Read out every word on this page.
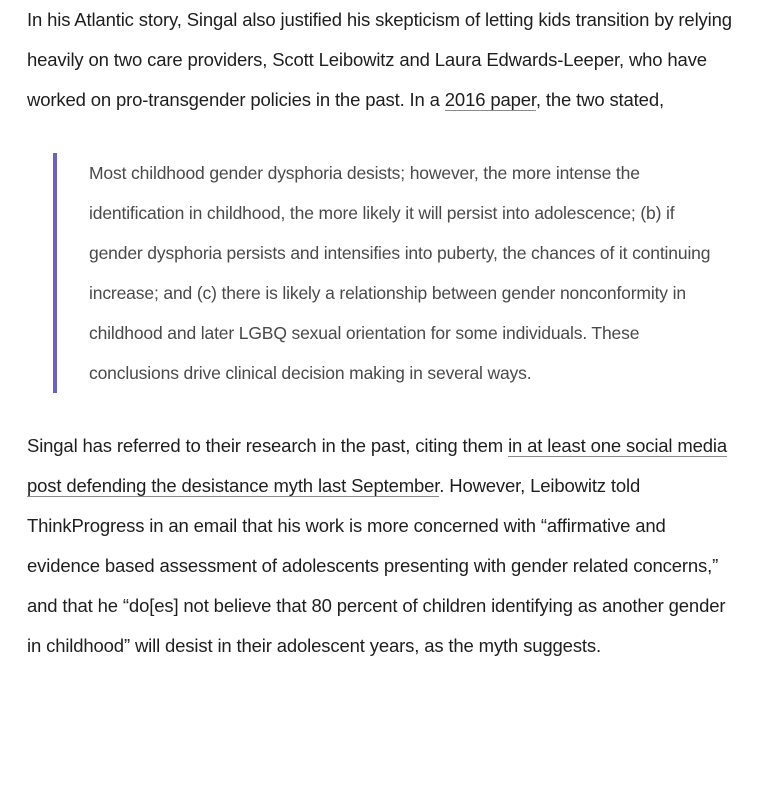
In his Atlantic story, Singal also justified his skepticism of letting kids transition by relying heavily on two care providers, Scott Leibowitz and Laura Edwards-Leeper, who have worked on pro-transgender policies in the past. In a 2016 paper, the two stated,

Most childhood gender dysphoria desists; however, the more intense the identification in childhood, the more likely it will persist into adolescence; (b) if gender dysphoria persists and intensifies into puberty, the chances of it continuing increase; and (c) there is likely a relationship between gender nonconformity in childhood and later LGBQ sexual orientation for some individuals. These conclusions drive clinical decision making in several ways.

Singal has referred to their research in the past, citing them in at least one social media post defending the desistance myth last September. However, Leibowitz told ThinkProgress in an email that his work is more concerned with “affirmative and evidence based assessment of adolescents presenting with gender related concerns,” and that he “do[es] not believe that 80 percent of children identifying as another gender in childhood” will desist in their adolescent years, as the myth suggests.
